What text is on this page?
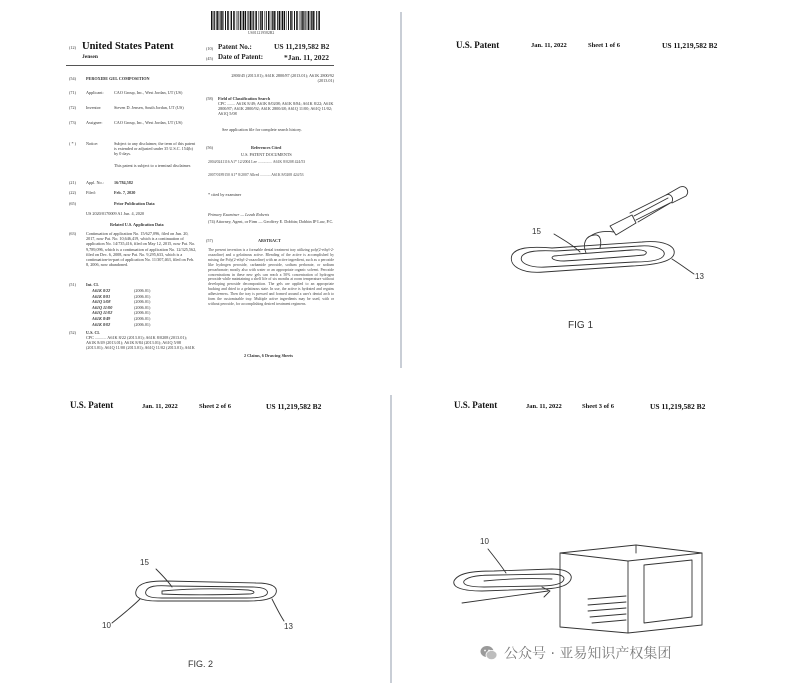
US011219582B2
(12) United States Patent
Jensen
(10) Patent No.:	US 11,219,582 B2
(45) Date of Patent:	*Jan. 11, 2022
(54) PEROXIDE GEL COMPOSITION
(71) Applicant: CAO Group, Inc., West Jordan, UT (US)
(72) Inventor:	Steven D. Jensen, South Jordan, UT (US)
(73) Assignee:	CAO Group, Inc., West Jordan, UT (US)
( * ) Notice:	Subject to any disclaimer, the term of this patent is extended or adjusted under 35 U.S.C. 154(b) by 0 days.
This patent is subject to a terminal disclaimer.
(21) Appl. No.: 16/784,582
(22) Filed:	Feb. 7, 2020
(65)	Prior Publication Data
US 2020/0170009 A1 Jun. 4, 2020
Related U.S. Application Data
(63) Continuation of application No. 15/627,096, filed on Jun. 20, 2017, now Pat. No. 10,646,419, which is a continuation of application No. 14/735,416, filed on May 12, 2015, now Pat. No. 9,789,096, which is a continuation of application No. 12/325,562, filed on Dec. 6, 2008, now Pat. No. 9,295,633, which is a continuation-in-part of application No. 11/307,463, filed on Feb. 8, 2006, now abandoned.
(51) Int. Cl.
A61K 8/22	(2006.01)
A61K 8/81	(2006.01)
A61Q 5/08	(2006.01)
A61Q 11/00	(2006.01)
A61Q 11/02	(2006.01)
A61K 8/49	(2006.01)
A61K 8/02	(2006.01)
(52) U.S. Cl.
CPC ........... A61K 8/22 (2013.01); A61K 8/0208 (2013.01); A61K 8/49 (2013.01); A61K 8/84 (2013.01); A61Q 5/08 (2013.01); A61Q 11/00 (2013.01); A61Q 11/02 (2013.01); A61K
2800/45 (2013.01); A61K 2800/87 (2013.01); A61K 2800/92 (2013.01)
(58) Field of Classification Search
CPC ........ A61K 8/49; A61K 8/0208; A61K 8/84; A61K 8/22; A61K 2800/87; A61K 2800/92; A61K 2800/48; A61Q 11/00; A61Q 11/02; A61Q 5/08
See application file for complete search history.
(56)	References Cited
U.S. PATENT DOCUMENTS
2004/0241116 A1* 12/2004 Lee ............... A61K 8/0208 424/53
2007/0189150 A1* 8/2007 Allred ........... A61K 8/0208 424/53
* cited by examiner
Primary Examiner — Lezah Roberts
(74) Attorney, Agent, or Firm — Geoffrey E. Dobbin; Dobbin IP Law, P.C.
(57)	ABSTRACT
The present invention is a formable dental treatment tray utilizing poly(2-ethyl-2-oxazoline) and a gelatinous active. Blending of the active is accomplished by mixing the Poly(2-ethyl-2-oxazoline) with an active ingredient, such as a peroxide like hydrogen peroxide, carbamide peroxide, sodium perborate, or sodium percarbonate; mostly also with water or an appropriate organic solvent. Peroxide concentrations in these new gels can reach a 50% concentration of hydrogen peroxide while maintaining a shelf life of six months at room temperature without developing peroxide decomposition. The gels are applied to an appropriate backing and dried to a gelatinous state. In use, the active is hydrated and regains adhesiveness. Then the tray is pressed and formed around a user's dental arch to form the customizable tray. Multiple active ingredients may be used, with or without peroxide, for accomplishing desired treatment regimens.
2 Claims, 6 Drawing Sheets
U.S. Patent	Jan. 11, 2022	Sheet 1 of 6	US 11,219,582 B2
15
13
FIG 1
U.S. Patent	Jan. 11, 2022	Sheet 2 of 6	US 11,219,582 B2
15
10	13
FIG. 2
U.S. Patent	Jan. 11, 2022	Sheet 3 of 6	US 11,219,582 B2
10
公众号 · 亚易知识产权集团
